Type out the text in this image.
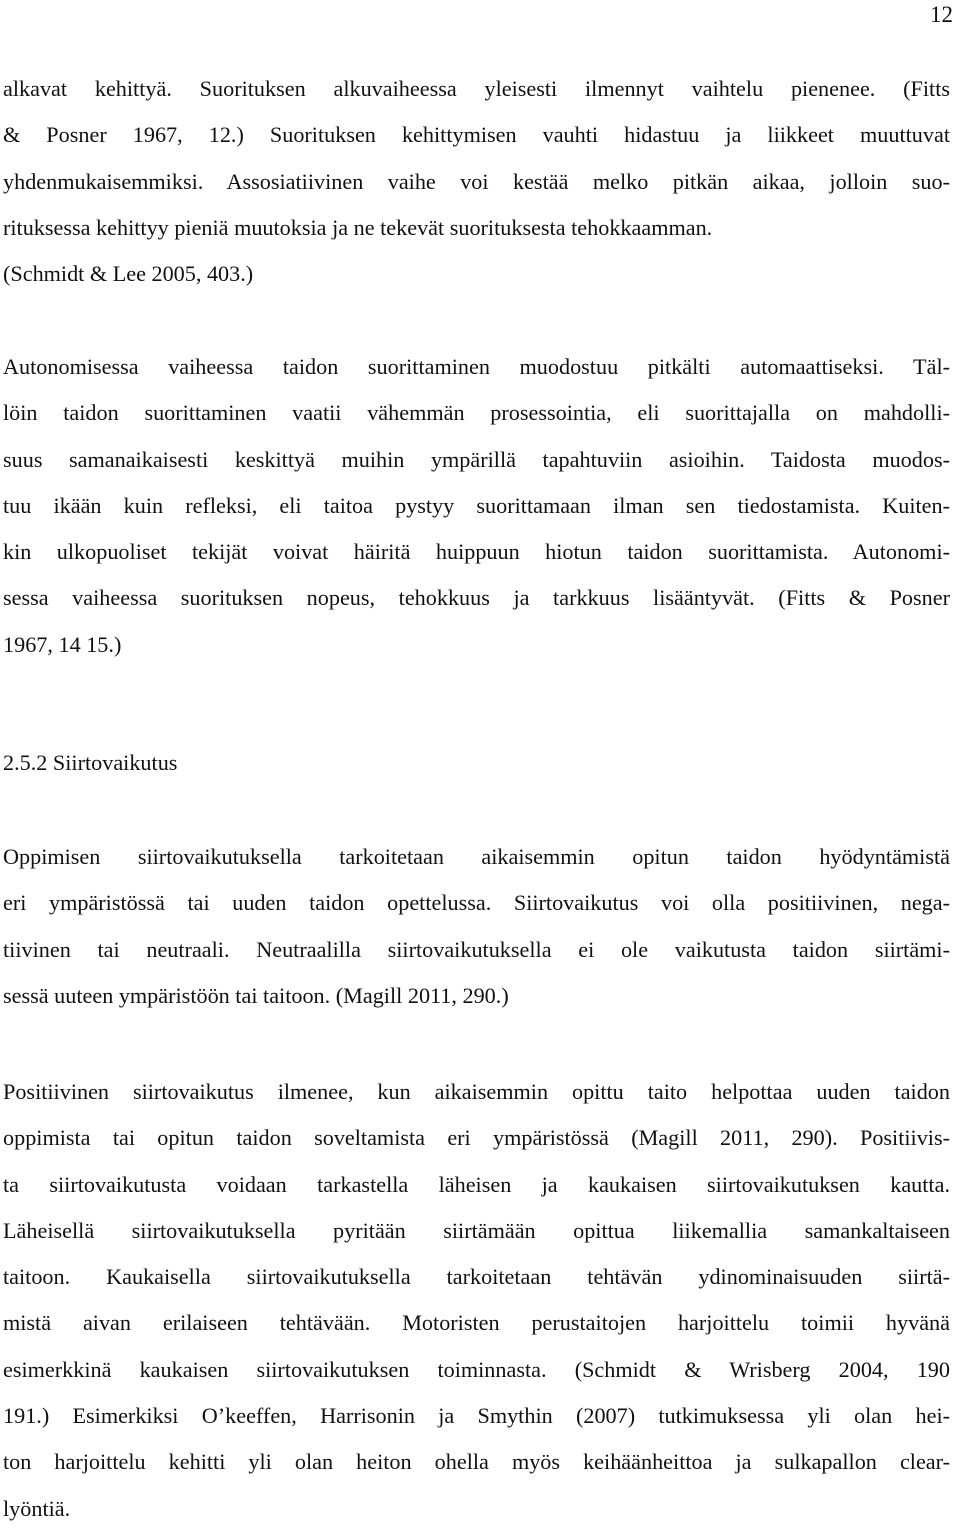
12

alkavat kehittyä. Suorituksen alkuvaiheessa yleisesti ilmennyt vaihtelu pienenee. (Fitts
& Posner 1967, 12.) Suorituksen kehittymisen vauhti hidastuu ja liikkeet muuttuvat
yhdenmukaisemmiksi. Assosiatiivinen vaihe voi kestää melko pitkän aikaa, jolloin suo-
rituksessa kehittyy pieniä muutoksia ja ne tekevät suorituksesta tehokkaamman.
(Schmidt & Lee 2005, 403.)

Autonomisessa vaiheessa taidon suorittaminen muodostuu pitkälti automaattiseksi. Täl-
löin taidon suorittaminen vaatii vähemmän prosessointia, eli suorittajalla on mahdolli-
suus samanaikaisesti keskittyä muihin ympärillä tapahtuviin asioihin. Taidosta muodos-
tuu ikään kuin refleksi, eli taitoa pystyy suorittamaan ilman sen tiedostamista. Kuiten-
kin ulkopuoliset tekijät voivat häiritä huippuun hiotun taidon suorittamista. Autonomi-
sessa vaiheessa suorituksen nopeus, tehokkuus ja tarkkuus lisääntyvät. (Fitts & Posner
1967, 14 15.)

2.5.2 Siirtovaikutus

Oppimisen siirtovaikutuksella tarkoitetaan aikaisemmin opitun taidon hyödyntämistä
eri ympäristössä tai uuden taidon opettelussa. Siirtovaikutus voi olla positiivinen, nega-
tiivinen tai neutraali. Neutraalilla siirtovaikutuksella ei ole vaikutusta taidon siirtämi-
sessä uuteen ympäristöön tai taitoon. (Magill 2011, 290.)

Positiivinen siirtovaikutus ilmenee, kun aikaisemmin opittu taito helpottaa uuden taidon
oppimista tai opitun taidon soveltamista eri ympäristössä (Magill 2011, 290). Positiivis-
ta siirtovaikutusta voidaan tarkastella läheisen ja kaukaisen siirtovaikutuksen kautta.
Läheisellä siirtovaikutuksella pyritään siirtämään opittua liikemallia samankaltaiseen
taitoon. Kaukaisella siirtovaikutuksella tarkoitetaan tehtävän ydinominaisuuden siirtä-
mistä aivan erilaiseen tehtävään. Motoristen perustaitojen harjoittelu toimii hyvänä
esimerkkinä kaukaisen siirtovaikutuksen toiminnasta. (Schmidt & Wrisberg 2004, 190
191.) Esimerkiksi O’keeffen, Harrisonin ja Smythin (2007) tutkimuksessa yli olan hei-
ton harjoittelu kehitti yli olan heiton ohella myös keihäänheittoa ja sulkapallon clear-
lyöntiä.
